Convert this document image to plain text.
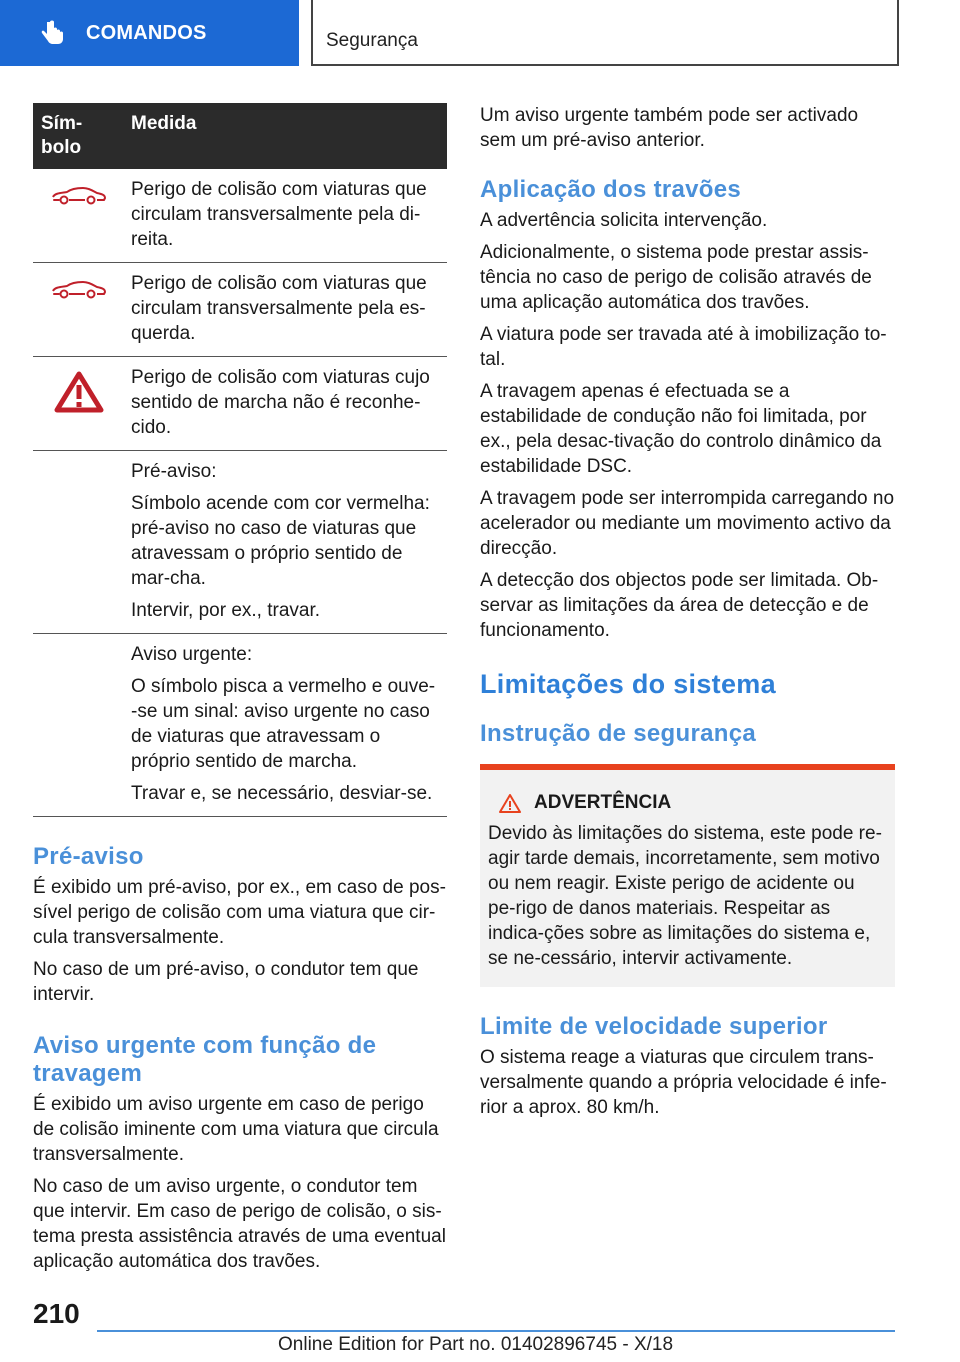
COMANDOS	Segurança
Sím-
bolo	Medida

Perigo de colisão com viaturas que circulam transversalmente pela di-reita.

Perigo de colisão com viaturas que circulam transversalmente pela es-querda.

Perigo de colisão com viaturas cujo sentido de marcha não é reconhe-cido.

	Pré-aviso:

Símbolo acende com cor vermelha: pré-aviso no caso de viaturas que atravessam o próprio sentido de mar-cha.

Intervir, por ex., travar.

	Aviso urgente:

O símbolo pisca a vermelho e ouve--se um sinal: aviso urgente no caso de viaturas que atravessam o próprio sentido de marcha.

Travar e, se necessário, desviar-se.

Pré-aviso

É exibido um pré-aviso, por ex., em caso de pos-sível perigo de colisão com uma viatura que cir-cula transversalmente.

No caso de um pré-aviso, o condutor tem que intervir.

Aviso urgente com função de travagem

É exibido um aviso urgente em caso de perigo de colisão iminente com uma viatura que circula transversalmente.

No caso de um aviso urgente, o condutor tem que intervir. Em caso de perigo de colisão, o sis-tema presta assistência através de uma eventual aplicação automática dos travões.

Um aviso urgente também pode ser activado sem um pré-aviso anterior.

Aplicação dos travões

A advertência solicita intervenção.

Adicionalmente, o sistema pode prestar assis-tência no caso de perigo de colisão através de uma aplicação automática dos travões.

A viatura pode ser travada até à imobilização to-tal.

A travagem apenas é efectuada se a estabilidade de condução não foi limitada, por ex., pela desac-tivação do controlo dinâmico da estabilidade DSC.

A travagem pode ser interrompida carregando no acelerador ou mediante um movimento activo da direcção.

A detecção dos objectos pode ser limitada. Ob-servar as limitações da área de detecção e de funcionamento.

Limitações do sistema
Instrução de segurança
ADVERTÊNCIA

Devido às limitações do sistema, este pode re-agir tarde demais, incorretamente, sem motivo ou nem reagir. Existe perigo de acidente ou pe-rigo de danos materiais. Respeitar as indica-ções sobre as limitações do sistema e, se ne-cessário, intervir activamente.

Limite de velocidade superior

O sistema reage a viaturas que circulem trans-versalmente quando a própria velocidade é infe-rior a aprox. 80 km/h.

210
Online Edition for Part no. 01402896745 - X/18
